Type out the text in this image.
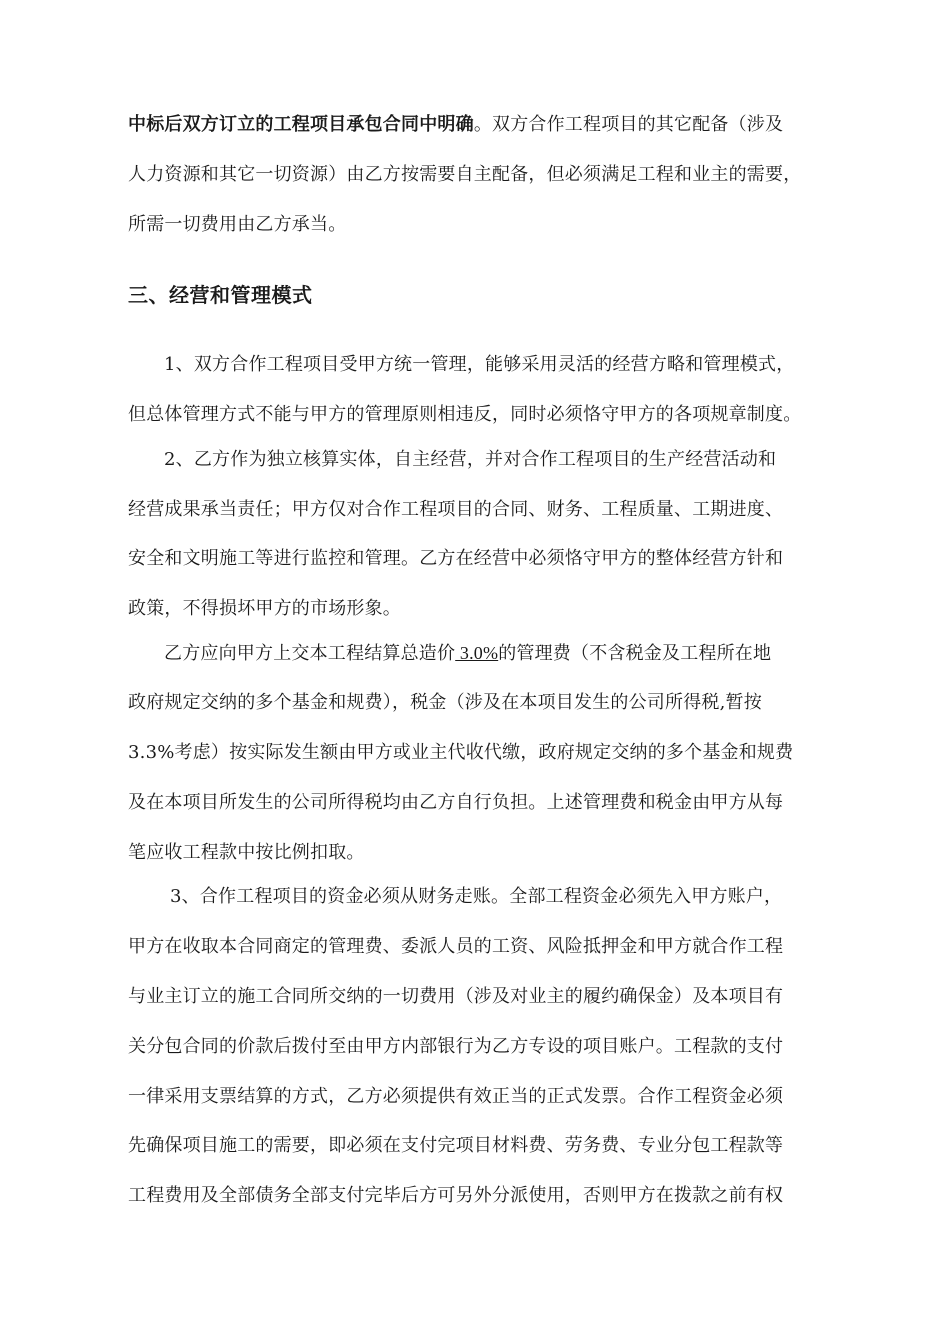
中标后双方订立的工程项目承包合同中明确。双方合作工程项目的其它配备（涉及
人力资源和其它一切资源）由乙方按需要自主配备，但必须满足工程和业主的需要，
所需一切费用由乙方承当。
三、经营和管理模式
1、双方合作工程项目受甲方统一管理，能够采用灵活的经营方略和管理模式，
但总体管理方式不能与甲方的管理原则相违反，同时必须恪守甲方的各项规章制度。
2、乙方作为独立核算实体，自主经营，并对合作工程项目的生产经营活动和
经营成果承当责任；甲方仅对合作工程项目的合同、财务、工程质量、工期进度、
安全和文明施工等进行监控和管理。乙方在经营中必须恪守甲方的整体经营方针和
政策，不得损坏甲方的市场形象。
乙方应向甲方上交本工程结算总造价 3.0%的管理费（不含税金及工程所在地
政府规定交纳的多个基金和规费），税金（涉及在本项目发生的公司所得税,暂按
3.3%考虑）按实际发生额由甲方或业主代收代缴，政府规定交纳的多个基金和规费
及在本项目所发生的公司所得税均由乙方自行负担。上述管理费和税金由甲方从每
笔应收工程款中按比例扣取。
3、合作工程项目的资金必须从财务走账。全部工程资金必须先入甲方账户，
甲方在收取本合同商定的管理费、委派人员的工资、风险抵押金和甲方就合作工程
与业主订立的施工合同所交纳的一切费用（涉及对业主的履约确保金）及本项目有
关分包合同的价款后拨付至由甲方内部银行为乙方专设的项目账户。工程款的支付
一律采用支票结算的方式，乙方必须提供有效正当的正式发票。合作工程资金必须
先确保项目施工的需要，即必须在支付完项目材料费、劳务费、专业分包工程款等
工程费用及全部债务全部支付完毕后方可另外分派使用，否则甲方在拨款之前有权
